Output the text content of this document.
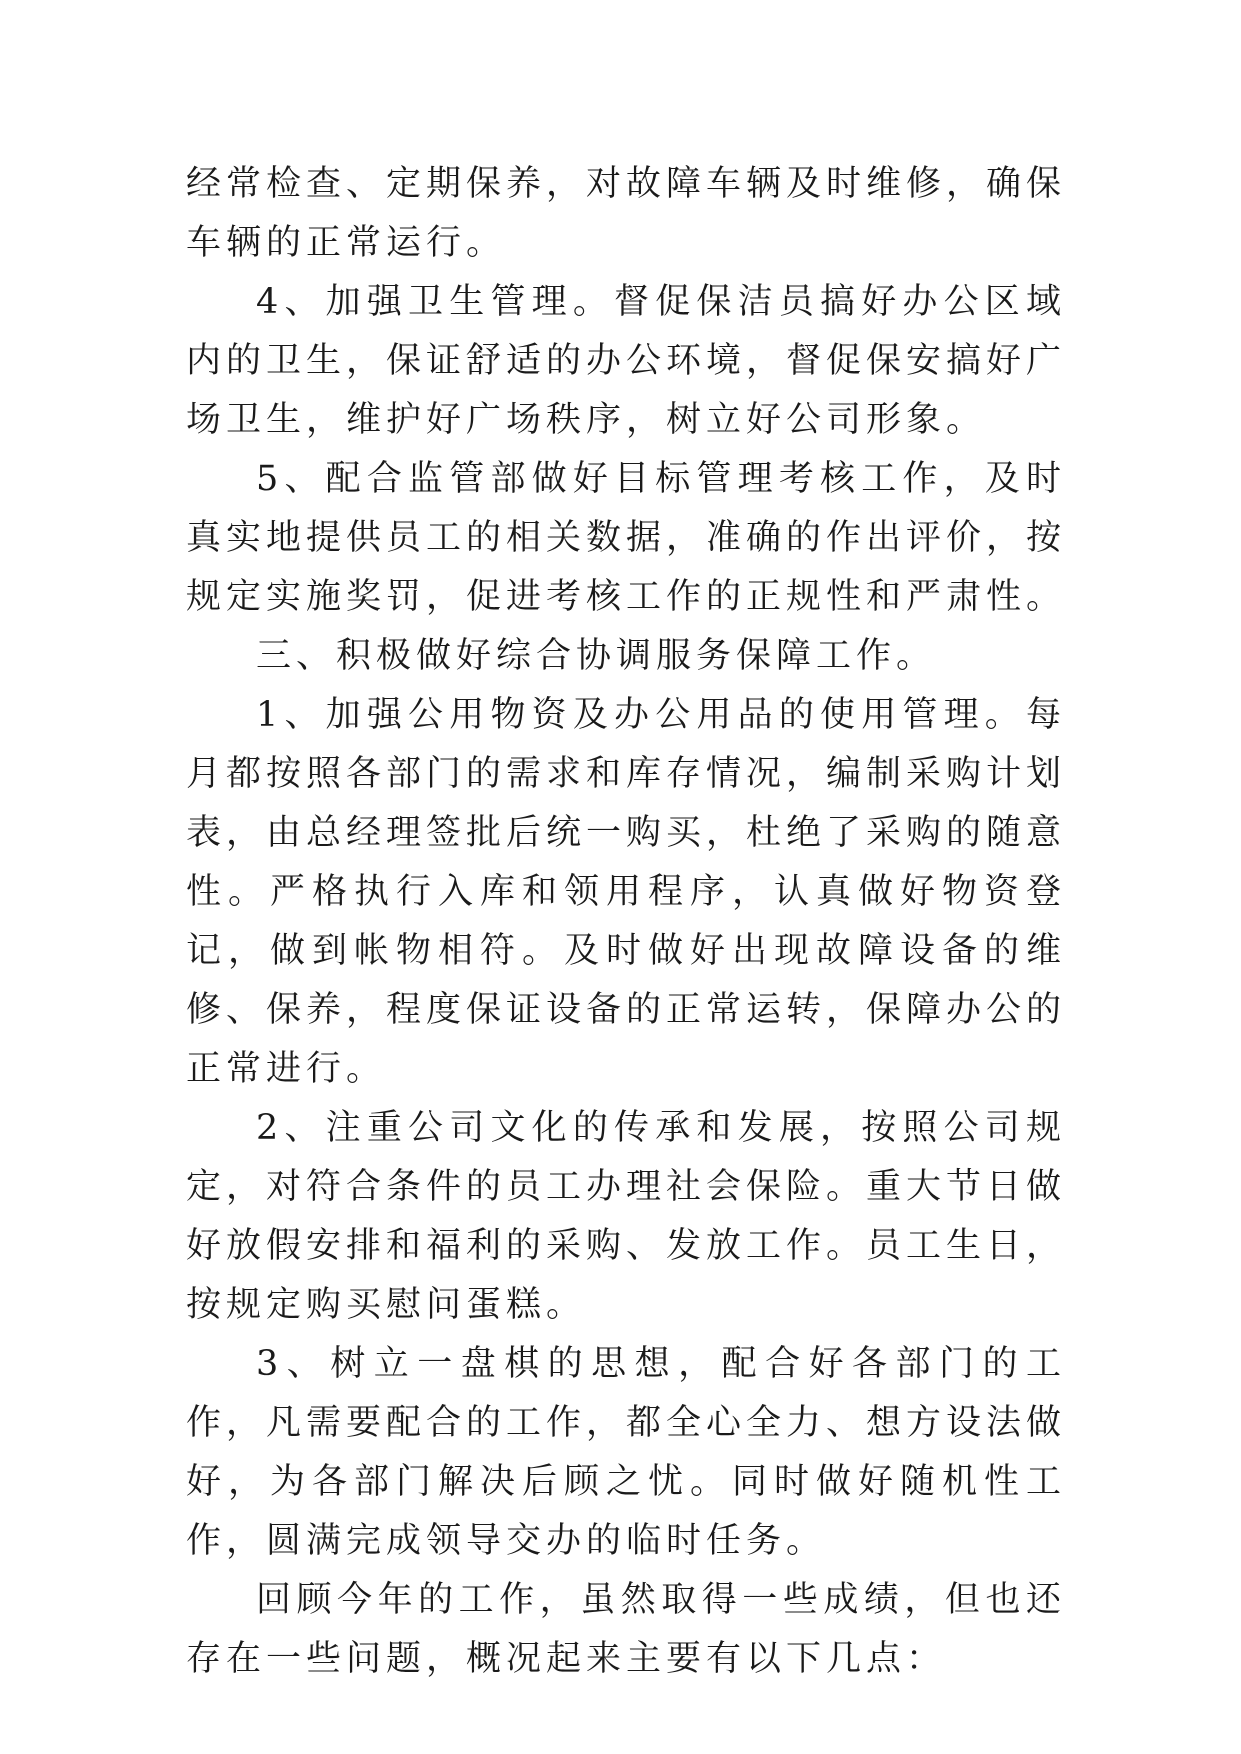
经常检查、定期保养，对故障车辆及时维修，确保车辆的正常运行。

4、加强卫生管理。督促保洁员搞好办公区域内的卫生，保证舒适的办公环境，督促保安搞好广场卫生，维护好广场秩序，树立好公司形象。

5、配合监管部做好目标管理考核工作，及时真实地提供员工的相关数据，准确的作出评价，按规定实施奖罚，促进考核工作的正规性和严肃性。

三、积极做好综合协调服务保障工作。

1、加强公用物资及办公用品的使用管理。每月都按照各部门的需求和库存情况，编制采购计划表，由总经理签批后统一购买，杜绝了采购的随意性。严格执行入库和领用程序，认真做好物资登记，做到帐物相符。及时做好出现故障设备的维修、保养，程度保证设备的正常运转，保障办公的正常进行。

2、注重公司文化的传承和发展，按照公司规定，对符合条件的员工办理社会保险。重大节日做好放假安排和福利的采购、发放工作。员工生日，按规定购买慰问蛋糕。

3、树立一盘棋的思想，配合好各部门的工作，凡需要配合的工作，都全心全力、想方设法做好，为各部门解决后顾之忧。同时做好随机性工作，圆满完成领导交办的临时任务。

回顾今年的工作，虽然取得一些成绩，但也还存在一些问题，概况起来主要有以下几点：
